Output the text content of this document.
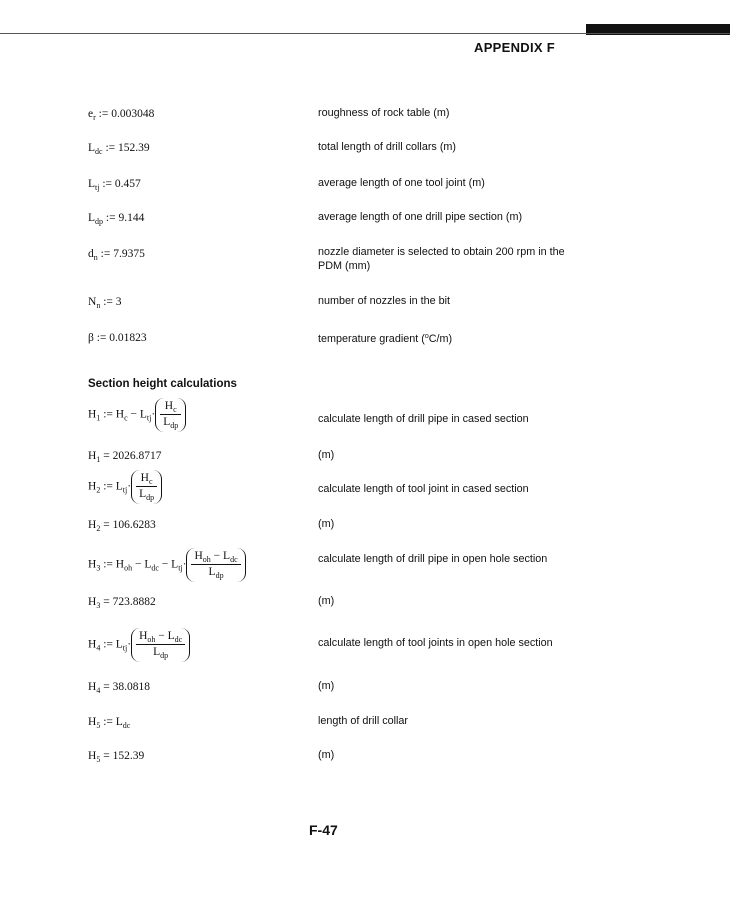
APPENDIX F
$e_r$ := 0.003048	roughness of rock table (m)
$L_{dc}$ := 152.39	total length of drill collars (m)
$L_{tj}$ := 0.457	average length of one tool joint (m)
$L_{dp}$ := 9.144	average length of one drill pipe section (m)
$d_n$ := 7.9375	nozzle diameter is selected to obtain 200 rpm in the PDM (mm)
$N_n$ := 3	number of nozzles in the bit
β := 0.01823	temperature gradient ($^o$C/m)
Section height calculations
$H_1$ := $H_c - L_{tj}\cdot \frac{H_c}{L_{dp}}$	calculate length of drill pipe in cased section
$H_1 = 2026.8717$	(m)
$H_2$ := $L_{tj}\cdot \frac{H_c}{L_{dp}}$	calculate length of tool joint in cased section
$H_2 = 106.6283$	(m)
$H_3$ := $H_{oh} - L_{dc} - L_{tj}\cdot \frac{H_{oh} - L_{dc}}{L_{dp}}$	calculate length of drill pipe in open hole section
$H_3 = 723.8882$	(m)
$H_4$ := $L_{tj}\cdot \frac{H_{oh} - L_{dc}}{L_{dp}}$	calculate length of tool joints in open hole section
$H_4 = 38.0818$	(m)
$H_5$ := $L_{dc}$	length of drill collar
$H_5 = 152.39$	(m)
F-47
